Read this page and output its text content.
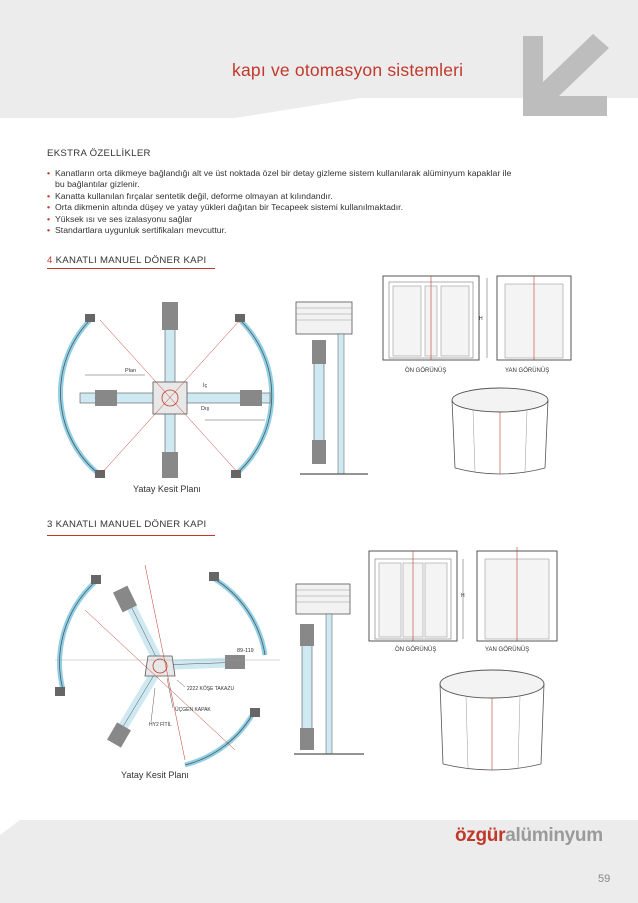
kapı ve otomasyon sistemleri
EKSTRA ÖZELLİKLER
• Kanatların orta dikmeye bağlandığı alt ve üst noktada özel bir detay gizleme sistem kullanılarak alüminyum kapaklar ile bu bağlantılar gizlenir.
• Kanatta kullanılan fırçalar sentetik değil, deforme olmayan at kılındandır.
• Orta dikmenin altında düşey ve yatay yükleri dağıtan bir Tecapeek sistemi kullanılmaktadır.
• Yüksek ısı ve ses izalasyonu sağlar
• Standartlara uygunluk sertifikaları mevcuttur.
4 KANATLI MANUEL DÖNER KAPI
Plan
İç
Dış
Yatay Kesit Planı
H
ÖN GÖRÜNÜŞ	YAN GÖRÜNÜŞ
3 KANATLI MANUEL DÖNER KAPI
89-119
2222 KÖŞE TAKAZU
ÜÇGEN KAPAK
HY2 FİTİL
Yatay Kesit Planı
H
ÖN GÖRÜNÜŞ	YAN GÖRÜNÜŞ
özgüralüminyum
59
